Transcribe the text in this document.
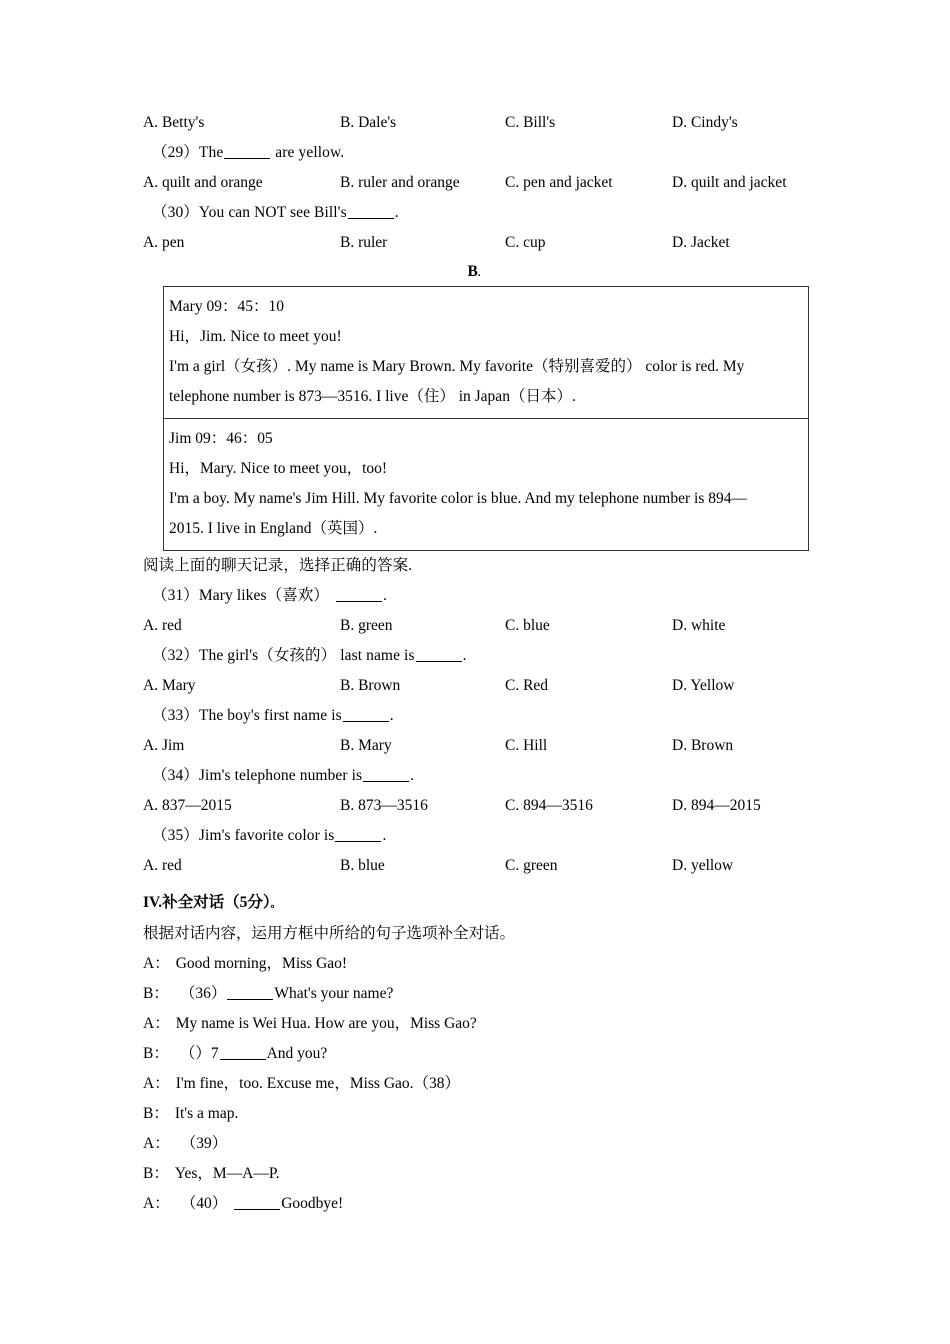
A. Betty's	B. Dale's	C. Bill's	D. Cindy's
（29）The	are yellow.
A. quilt and orange	B. ruler and orange	C. pen and jacket	D. quilt and jacket
（30）You can NOT see Bill's	.
A. pen	B. ruler	C. cup	D. Jacket
B.
Mary 09：45：10
Hi，Jim. Nice to meet you!
I'm a girl（女孩）. My name is Mary Brown. My favorite（特别喜爱的） color is red. My
telephone number is 873—3516. I live（住） in Japan（日本）.
Jim 09：46：05
Hi，Mary. Nice to meet you，too!
I'm a boy. My name's Jim Hill. My favorite color is blue. And my telephone number is 894—
2015. I live in England（英国）.
阅读上面的聊天记录，选择正确的答案.
（31）Mary likes（喜欢）	.
A. red	B. green	C. blue	D. white
（32）The girl's（女孩的） last name is	.
A. Mary	B. Brown	C. Red	D. Yellow
（33）The boy's first name is	.
A. Jim	B. Mary	C. Hill	D. Brown
（34）Jim's telephone number is	.
A. 837—2015	B. 873—3516	C. 894—3516	D. 894—2015
（35）Jim's favorite color is	.
A. red	B. blue	C. green	D. yellow
IV.补全对话（5分）。
根据对话内容，运用方框中所给的句子选项补全对话。
A： Good morning，Miss Gao!
B： （36）	What's your name?
A： My name is Wei Hua. How are you，Miss Gao?
B： （）7	And you?
A： I'm fine，too. Excuse me，Miss Gao.（38）
B： It's a map.
A： （39）
B： Yes，M—A—P.
A： （40）	Goodbye!
